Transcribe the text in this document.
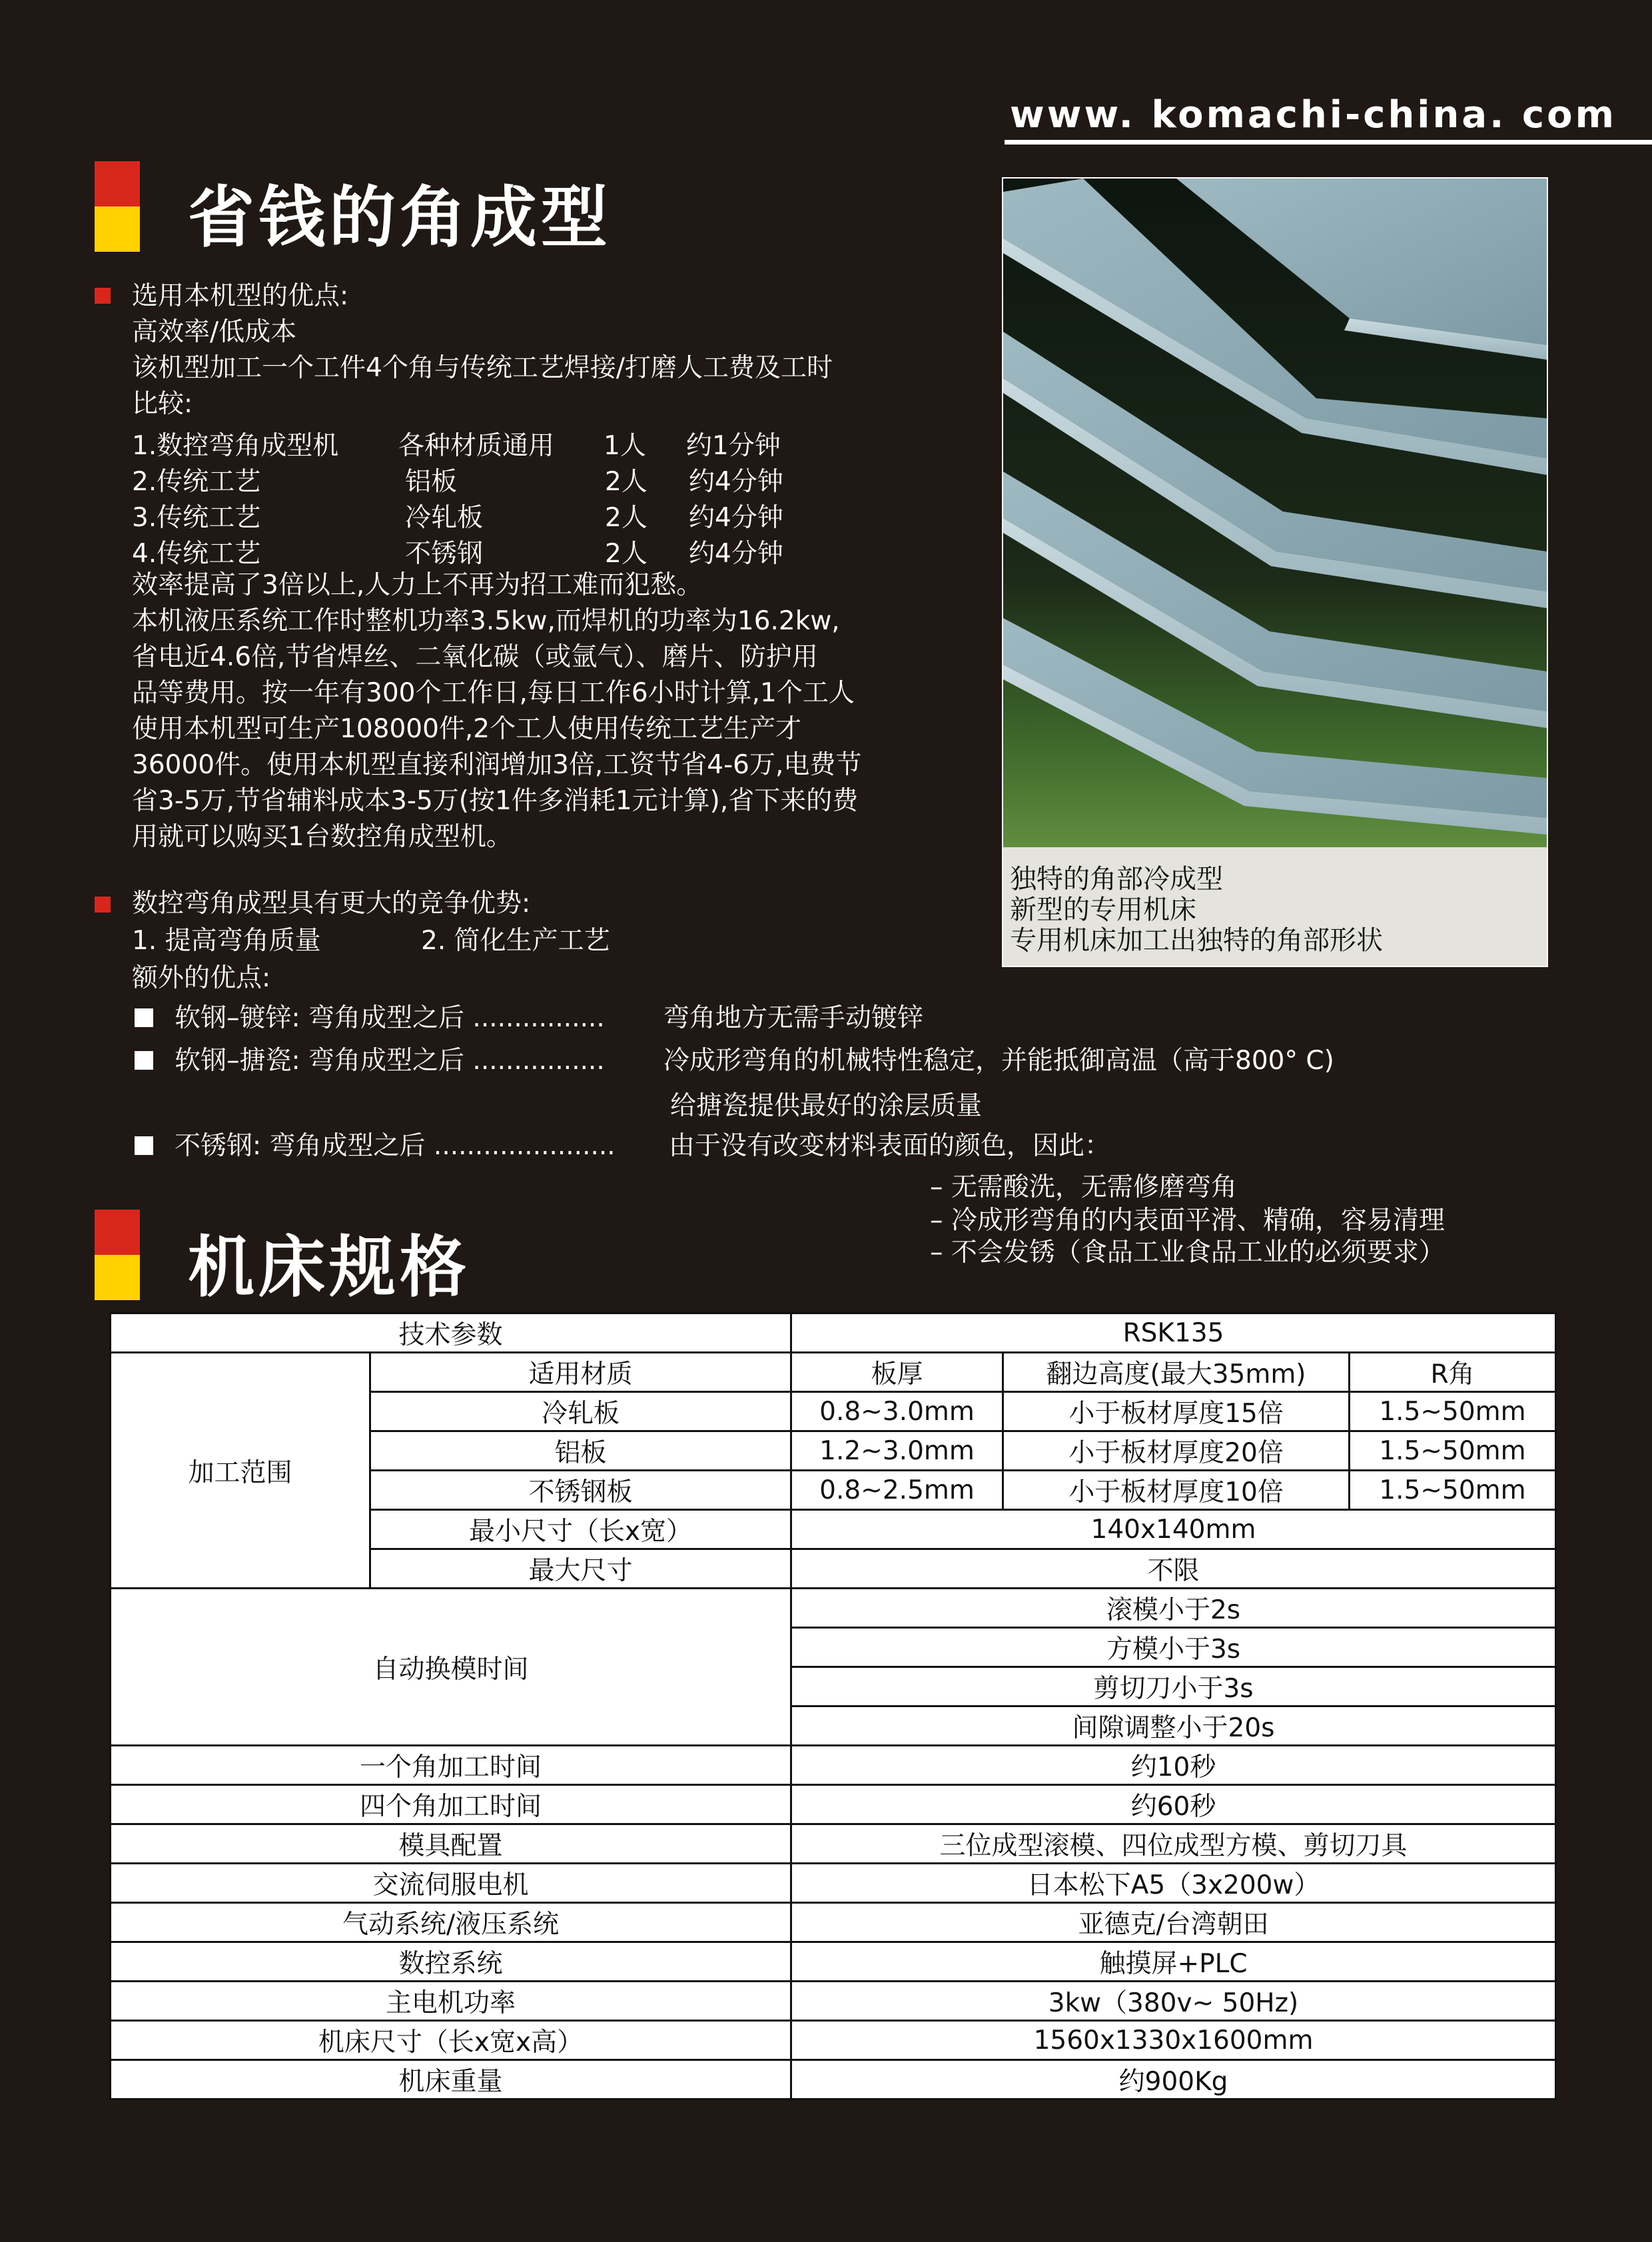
www. komachi-china. com
省钱的角成型
选用本机型的优点:
高效率/低成本
该机型加工一个工件4个角与传统工艺焊接/打磨人工费及工时
比较:
1.数控弯角成型机 各种材质通用 1人 约1分钟
2.传统工艺	铝板	2人 约4分钟
3.传统工艺	冷轧板	2人 约4分钟
4.传统工艺	不锈钢	2人 约4分钟
效率提高了3倍以上,人力上不再为招工难而犯愁。
本机液压系统工作时整机功率3.5kw,而焊机的功率为16.2kw,
省电近4.6倍,节省焊丝、二氧化碳（或氩气）、磨片、防护用
品等费用。按一年有300个工作日,每日工作6小时计算,1个工人
使用本机型可生产108000件,2个工人使用传统工艺生产才
36000件。使用本机型直接利润增加3倍,工资节省4-6万,电费节
省3-5万,节省辅料成本3-5万(按1件多消耗1元计算),省下来的费
用就可以购买1台数控角成型机。
数控弯角成型具有更大的竞争优势:
1. 提高弯角质量	2. 简化生产工艺
额外的优点:
软钢–镀锌: 弯角成型之后 ................ 弯角地方无需手动镀锌
软钢–搪瓷: 弯角成型之后 ................ 冷成形弯角的机械特性稳定，并能抵御高温（高于800° C)
给搪瓷提供最好的涂层质量
不锈钢: 弯角成型之后 ...................... 由于没有改变材料表面的颜色，因此：
– 无需酸洗，无需修磨弯角
– 冷成形弯角的内表面平滑、精确，容易清理
– 不会发锈（食品工业食品工业的必须要求）
独特的角部冷成型
新型的专用机床
专用机床加工出独特的角部形状
机床规格
技术参数		RSK135		
加工范围	适用材质	板厚	翻边高度(最大35mm)	R角
	冷轧板	0.8~3.0mm	小于板材厚度15倍	1.5~50mm
	铝板	1.2~3.0mm	小于板材厚度20倍	1.5~50mm
	不锈钢板	0.8~2.5mm	小于板材厚度10倍	1.5~50mm
	最小尺寸（长x宽）	140x140mm		
	最大尺寸	不限		
自动换模时间		滚模小于2s		
		方模小于3s		
		剪切刀小于3s		
		间隙调整小于20s		
一个角加工时间		约10秒		
四个角加工时间		约60秒		
模具配置		三位成型滚模、四位成型方模、剪切刀具		
交流伺服电机		日本松下A5（3x200w）		
气动系统/液压系统		亚德克/台湾朝田		
数控系统		触摸屏+PLC		
主电机功率		3kw（380v~ 50Hz)		
机床尺寸（长x宽x高）		1560x1330x1600mm		
机床重量		约900Kg		
